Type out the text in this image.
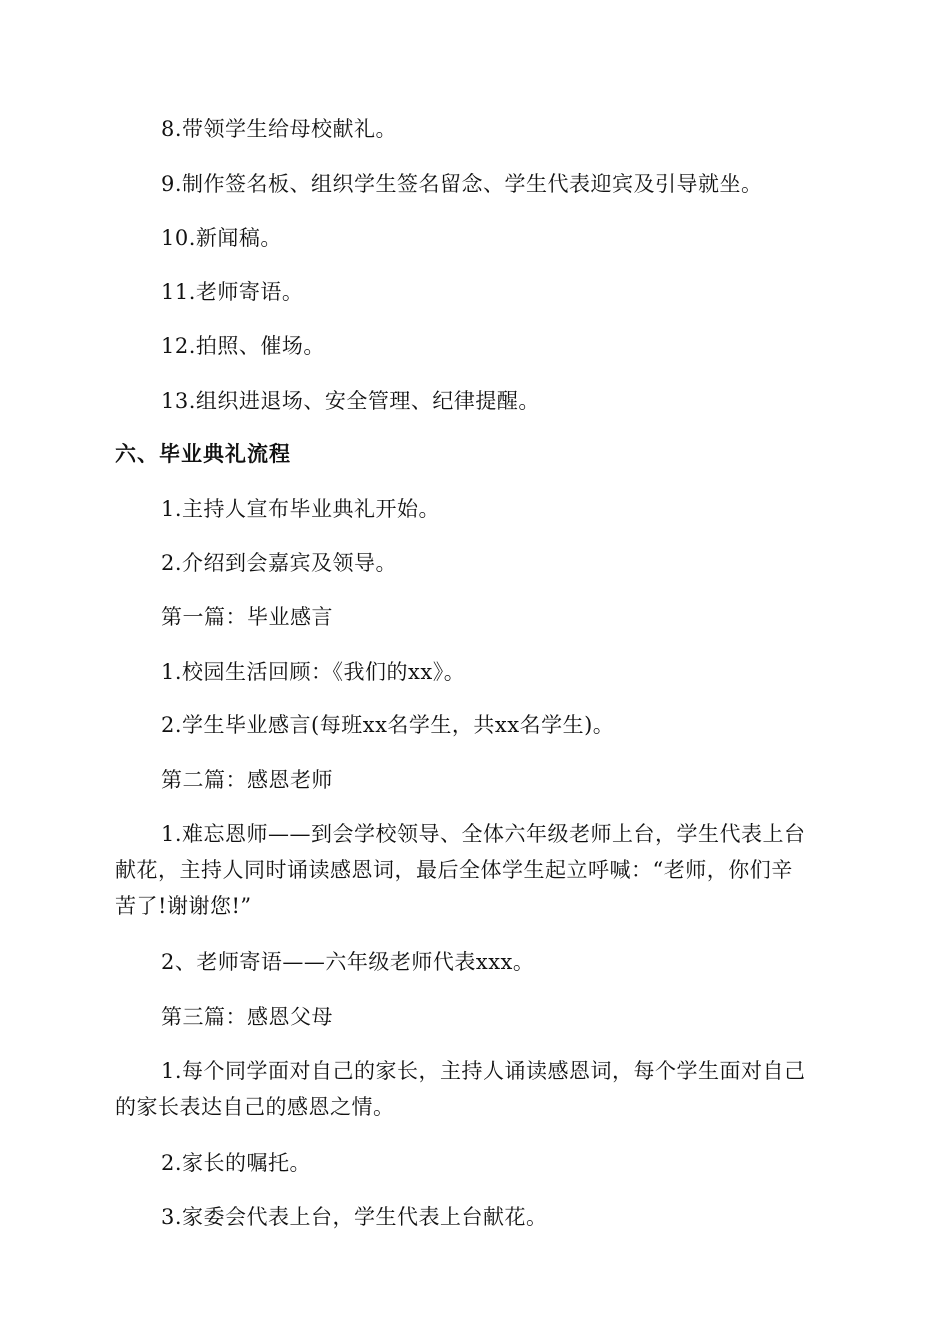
8.带领学生给母校献礼。
9.制作签名板、组织学生签名留念、学生代表迎宾及引导就坐。
10.新闻稿。
11.老师寄语。
12.拍照、催场。
13.组织进退场、安全管理、纪律提醒。
六、毕业典礼流程
1.主持人宣布毕业典礼开始。
2.介绍到会嘉宾及领导。
第一篇：毕业感言
1.校园生活回顾：《我们的xx》。
2.学生毕业感言(每班xx名学生，共xx名学生)。
第二篇：感恩老师
1.难忘恩师——到会学校领导、全体六年级老师上台，学生代表上台
献花，主持人同时诵读感恩词，最后全体学生起立呼喊：“老师，你们辛
苦了!谢谢您!”
2、老师寄语——六年级老师代表xxx。
第三篇：感恩父母
1.每个同学面对自己的家长，主持人诵读感恩词，每个学生面对自己
的家长表达自己的感恩之情。
2.家长的嘱托。
3.家委会代表上台，学生代表上台献花。
